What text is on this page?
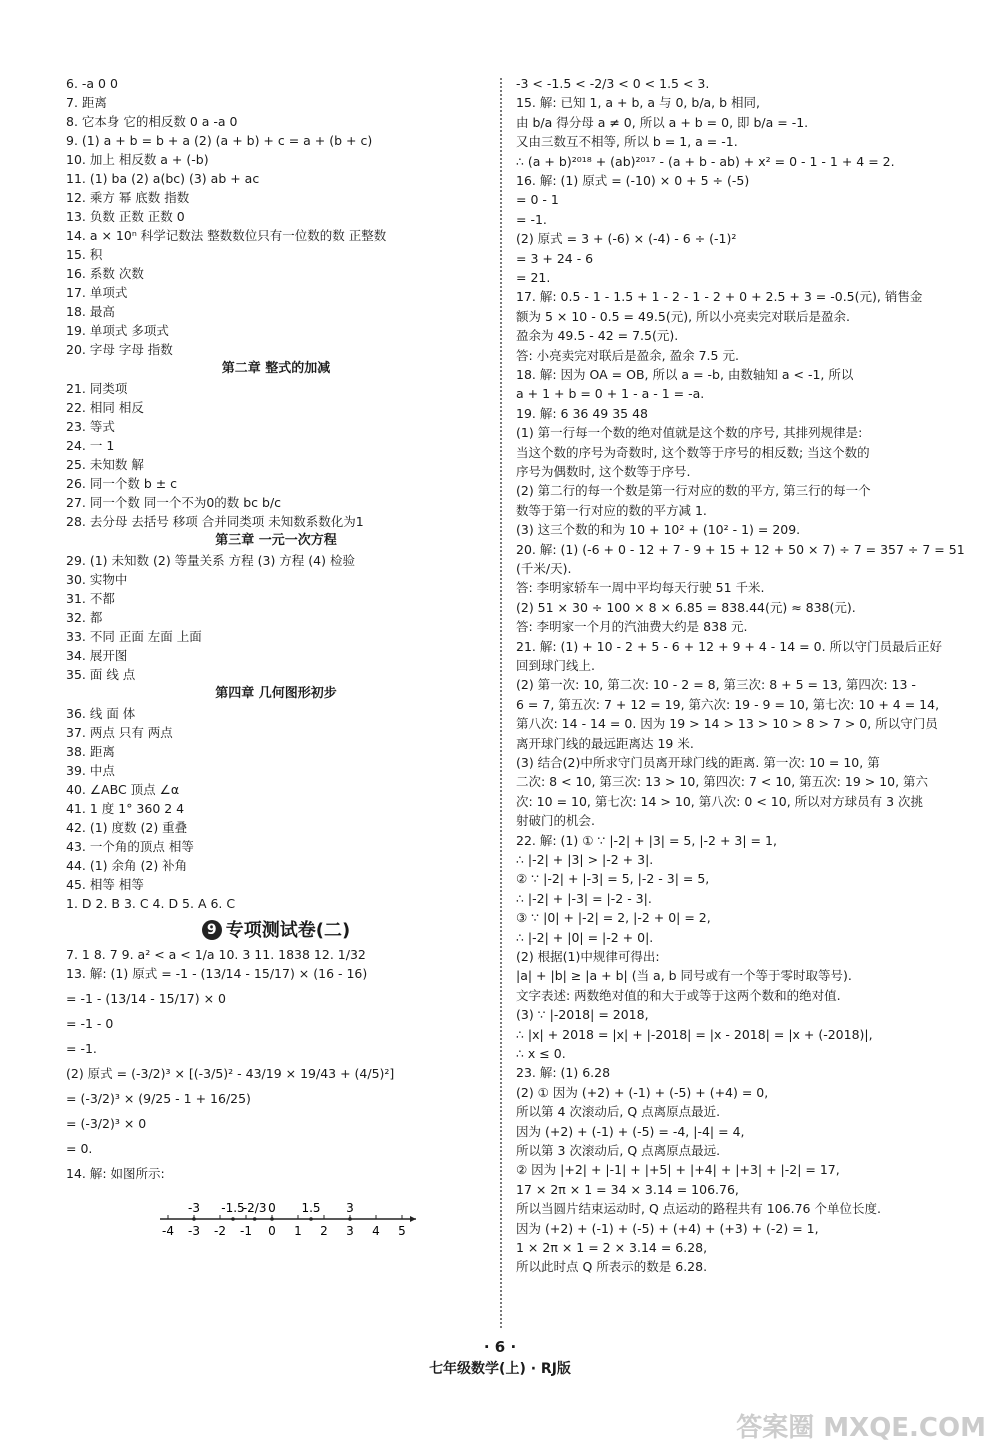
6. -a 0 0
7. 距离
8. 它本身 它的相反数 0 a -a 0
9. (1) a + b = b + a (2) (a + b) + c = a + (b + c)
10. 加上 相反数 a + (-b)
11. (1) ba (2) a(bc) (3) ab + ac
12. 乘方 幂 底数 指数
13. 负数 正数 正数 0
14. a × 10ⁿ 科学记数法 整数数位只有一位数的数 正整数
15. 积
16. 系数 次数
17. 单项式
18. 最高
19. 单项式 多项式
20. 字母 字母 指数
第二章 整式的加减
21. 同类项
22. 相同 相反
23. 等式
24. 一 1
25. 未知数 解
26. 同一个数 b ± c
27. 同一个数 同一个不为0的数 bc b/c
28. 去分母 去括号 移项 合并同类项 未知数系数化为1
第三章 一元一次方程
29. (1) 未知数 (2) 等量关系 方程 (3) 方程 (4) 检验
30. 实物中
31. 不都
32. 都
33. 不同 正面 左面 上面
34. 展开图
35. 面 线 点
第四章 几何图形初步
36. 线 面 体
37. 两点 只有 两点
38. 距离
39. 中点
40. ∠ABC 顶点 ∠α
41. 1 度 1° 360 2 4
42. (1) 度数 (2) 重叠
43. 一个角的顶点 相等
44. (1) 余角 (2) 补角
45. 相等 相等
1. D 2. B 3. C 4. D 5. A 6. C
9 专项测试卷(二)
7. 1 8. 7 9. a² < a < 1/a 10. 3 11. 1838 12. 1/32
13. 解: (1) 原式 = -1 - (13/14 - 15/17) × (16 - 16)
= -1 - (13/14 - 15/17) × 0
= -1 - 0
= -1.
(2) 原式 = (-3/2)³ × [(-3/5)² - 43/19 × 19/43 + (4/5)²]
= (-3/2)³ × (9/25 - 1 + 16/25)
= (-3/2)³ × 0
= 0.
14. 解: 如图所示:
-4 -3 -2 -1 0 1 2 3 4 5
-3 -1.5
-2/3 0 1.5 3
-3 < -1.5 < -2/3 < 0 < 1.5 < 3.
15. 解: 已知 1, a + b, a 与 0, b/a, b 相同,
由 b/a 得分母 a ≠ 0, 所以 a + b = 0, 即 b/a = -1.
又由三数互不相等, 所以 b = 1, a = -1.
∴ (a + b)²⁰¹⁸ + (ab)²⁰¹⁷ - (a + b - ab) + x² = 0 - 1 - 1 + 4 = 2.
16. 解: (1) 原式 = (-10) × 0 + 5 ÷ (-5)
= 0 - 1
= -1.
(2) 原式 = 3 + (-6) × (-4) - 6 ÷ (-1)²
= 3 + 24 - 6
= 21.
17. 解: 0.5 - 1 - 1.5 + 1 - 2 - 1 - 2 + 0 + 2.5 + 3 = -0.5(元), 销售金
额为 5 × 10 - 0.5 = 49.5(元), 所以小亮卖完对联后是盈余.
盈余为 49.5 - 42 = 7.5(元).
答: 小亮卖完对联后是盈余, 盈余 7.5 元.
18. 解: 因为 OA = OB, 所以 a = -b, 由数轴知 a < -1, 所以
a + 1 + b = 0 + 1 - a - 1 = -a.
19. 解: 6 36 49 35 48
(1) 第一行每一个数的绝对值就是这个数的序号, 其排列规律是:
当这个数的序号为奇数时, 这个数等于序号的相反数; 当这个数的
序号为偶数时, 这个数等于序号.
(2) 第二行的每一个数是第一行对应的数的平方, 第三行的每一个
数等于第一行对应的数的平方减 1.
(3) 这三个数的和为 10 + 10² + (10² - 1) = 209.
20. 解: (1) (-6 + 0 - 12 + 7 - 9 + 15 + 12 + 50 × 7) ÷ 7 = 357 ÷ 7 = 51
(千米/天).
答: 李明家轿车一周中平均每天行驶 51 千米.
(2) 51 × 30 ÷ 100 × 8 × 6.85 = 838.44(元) ≈ 838(元).
答: 李明家一个月的汽油费大约是 838 元.
21. 解: (1) + 10 - 2 + 5 - 6 + 12 + 9 + 4 - 14 = 0. 所以守门员最后正好
回到球门线上.
(2) 第一次: 10, 第二次: 10 - 2 = 8, 第三次: 8 + 5 = 13, 第四次: 13 -
6 = 7, 第五次: 7 + 12 = 19, 第六次: 19 - 9 = 10, 第七次: 10 + 4 = 14,
第八次: 14 - 14 = 0. 因为 19 > 14 > 13 > 10 > 8 > 7 > 0, 所以守门员
离开球门线的最远距离达 19 米.
(3) 结合(2)中所求守门员离开球门线的距离. 第一次: 10 = 10, 第
二次: 8 < 10, 第三次: 13 > 10, 第四次: 7 < 10, 第五次: 19 > 10, 第六
次: 10 = 10, 第七次: 14 > 10, 第八次: 0 < 10, 所以对方球员有 3 次挑
射破门的机会.
22. 解: (1) ① ∵ |-2| + |3| = 5, |-2 + 3| = 1,
∴ |-2| + |3| > |-2 + 3|.
② ∵ |-2| + |-3| = 5, |-2 - 3| = 5,
∴ |-2| + |-3| = |-2 - 3|.
③ ∵ |0| + |-2| = 2, |-2 + 0| = 2,
∴ |-2| + |0| = |-2 + 0|.
(2) 根据(1)中规律可得出:
|a| + |b| ≥ |a + b| (当 a, b 同号或有一个等于零时取等号).
文字表述: 两数绝对值的和大于或等于这两个数和的绝对值.
(3) ∵ |-2018| = 2018,
∴ |x| + 2018 = |x| + |-2018| = |x - 2018| = |x + (-2018)|,
∴ x ≤ 0.
23. 解: (1) 6.28
(2) ① 因为 (+2) + (-1) + (-5) + (+4) = 0,
所以第 4 次滚动后, Q 点离原点最近.
因为 (+2) + (-1) + (-5) = -4, |-4| = 4,
所以第 3 次滚动后, Q 点离原点最远.
② 因为 |+2| + |-1| + |+5| + |+4| + |+3| + |-2| = 17,
17 × 2π × 1 = 34 × 3.14 = 106.76,
所以当圆片结束运动时, Q 点运动的路程共有 106.76 个单位长度.
因为 (+2) + (-1) + (-5) + (+4) + (+3) + (-2) = 1,
1 × 2π × 1 = 2 × 3.14 = 6.28,
所以此时点 Q 所表示的数是 6.28.
· 6 ·
七年级数学(上) · RJ版
答案圈 MXQE.COM
